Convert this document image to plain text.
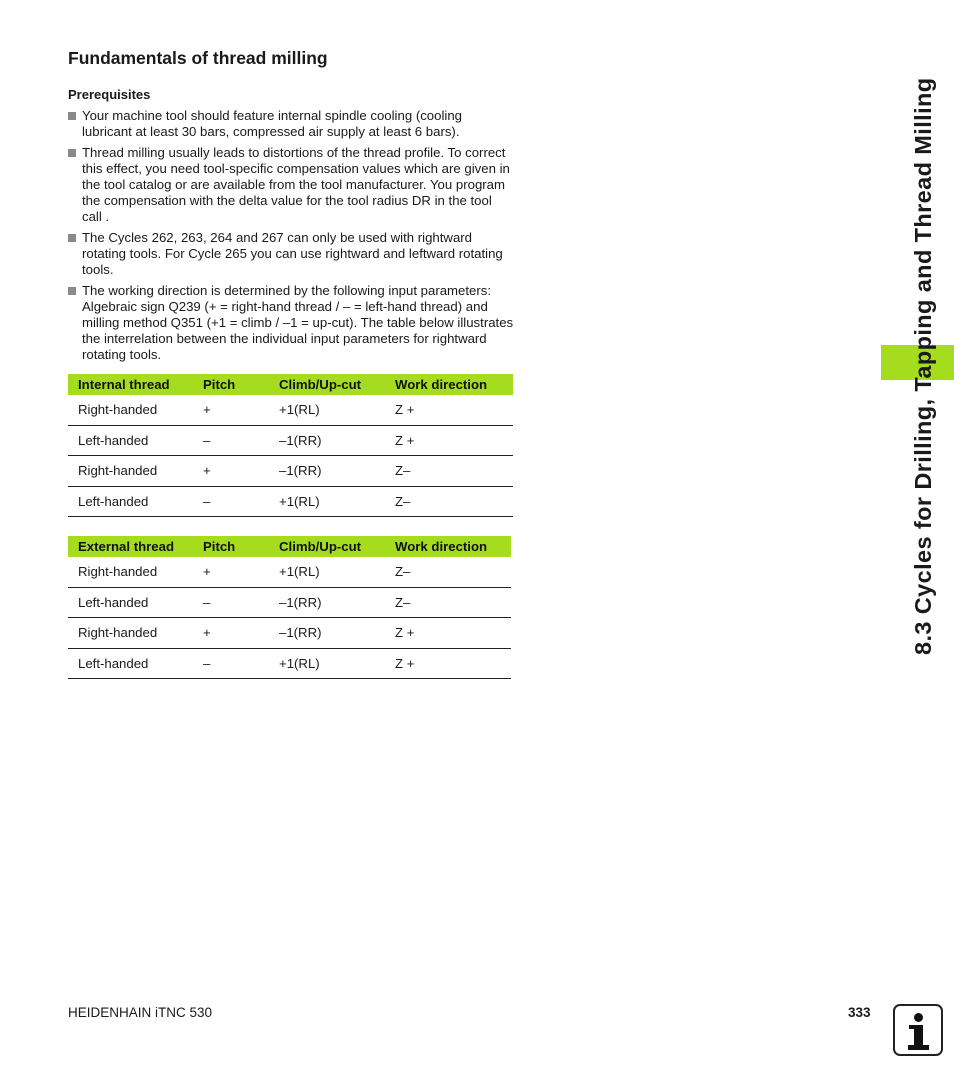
8.3 Cycles for Drilling, Tapping and Thread Milling
Fundamentals of thread milling
Prerequisites
Your machine tool should feature internal spindle cooling (cooling lubricant at least 30 bars, compressed air supply at least 6 bars).
Thread milling usually leads to distortions of the thread profile. To correct this effect, you need tool-specific compensation values which are given in the tool catalog or are available from the tool manufacturer. You program the compensation with the delta value for the tool radius DR in the tool call .
The Cycles 262, 263, 264 and 267 can only be used with rightward rotating tools. For Cycle 265 you can use rightward and leftward rotating tools.
The working direction is determined by the following input parameters: Algebraic sign Q239 (+ = right-hand thread / – = left-hand thread) and milling method Q351 (+1 = climb / –1 = up-cut). The table below illustrates the interrelation between the individual input parameters for rightward rotating tools.
Internal thread	Pitch	Climb/Up-cut	Work direction
Right-handed	+	+1(RL)	Z +
Left-handed	–	–1(RR)	Z +
Right-handed	+	–1(RR)	Z–
Left-handed	–	+1(RL)	Z–
External thread	Pitch	Climb/Up-cut	Work direction
Right-handed	+	+1(RL)	Z–
Left-handed	–	–1(RR)	Z–
Right-handed	+	–1(RR)	Z +
Left-handed	–	+1(RL)	Z +
HEIDENHAIN iTNC 530	333
